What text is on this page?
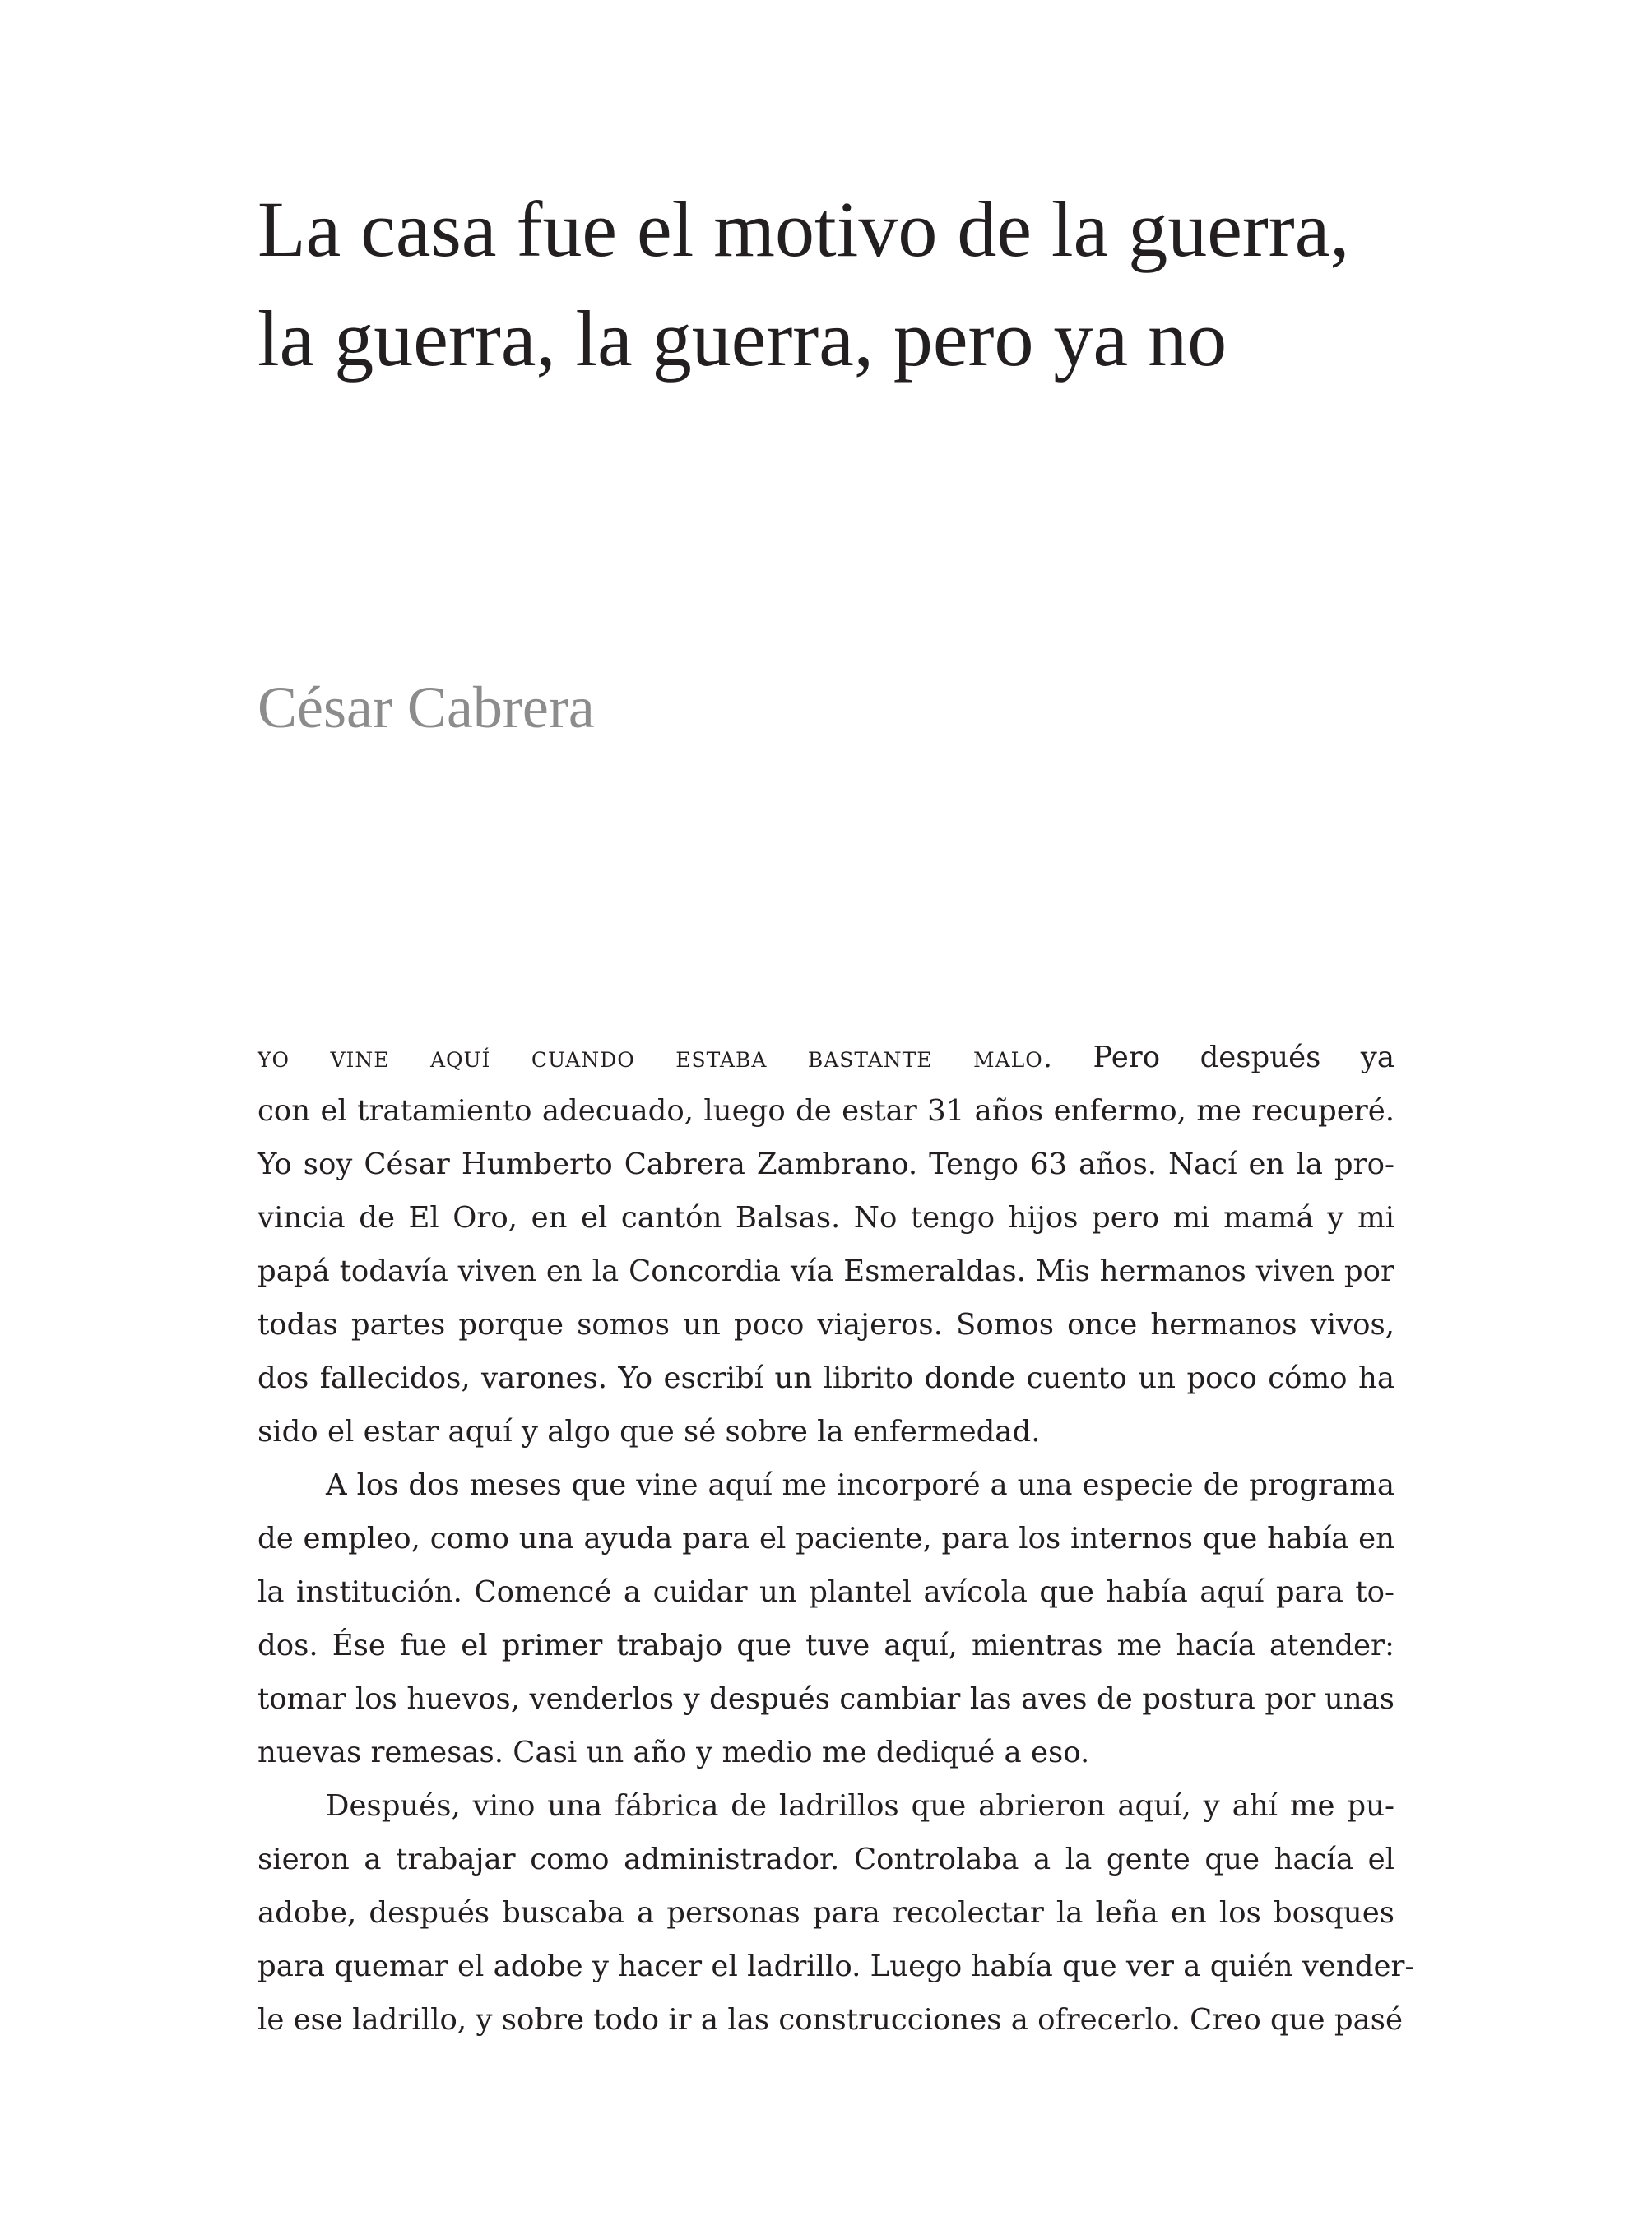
La casa fue el motivo de la guerra,
la guerra, la guerra, pero ya no

César Cabrera

yo vine aquí cuando estaba bastante malo. Pero después ya
con el tratamiento adecuado, luego de estar 31 años enfermo, me recuperé.
Yo soy César Humberto Cabrera Zambrano. Tengo 63 años. Nací en la pro-
vincia de El Oro, en el cantón Balsas. No tengo hijos pero mi mamá y mi
papá todavía viven en la Concordia vía Esmeraldas. Mis hermanos viven por
todas partes porque somos un poco viajeros. Somos once hermanos vivos,
dos fallecidos, varones. Yo escribí un librito donde cuento un poco cómo ha
sido el estar aquí y algo que sé sobre la enfermedad.
A los dos meses que vine aquí me incorporé a una especie de programa
de empleo, como una ayuda para el paciente, para los internos que había en
la institución. Comencé a cuidar un plantel avícola que había aquí para to-
dos. Ése fue el primer trabajo que tuve aquí, mientras me hacía atender:
tomar los huevos, venderlos y después cambiar las aves de postura por unas
nuevas remesas. Casi un año y medio me dediqué a eso.
Después, vino una fábrica de ladrillos que abrieron aquí, y ahí me pu-
sieron a trabajar como administrador. Controlaba a la gente que hacía el
adobe, después buscaba a personas para recolectar la leña en los bosques
para quemar el adobe y hacer el ladrillo. Luego había que ver a quién vender-
le ese ladrillo, y sobre todo ir a las construcciones a ofrecerlo. Creo que pasé
